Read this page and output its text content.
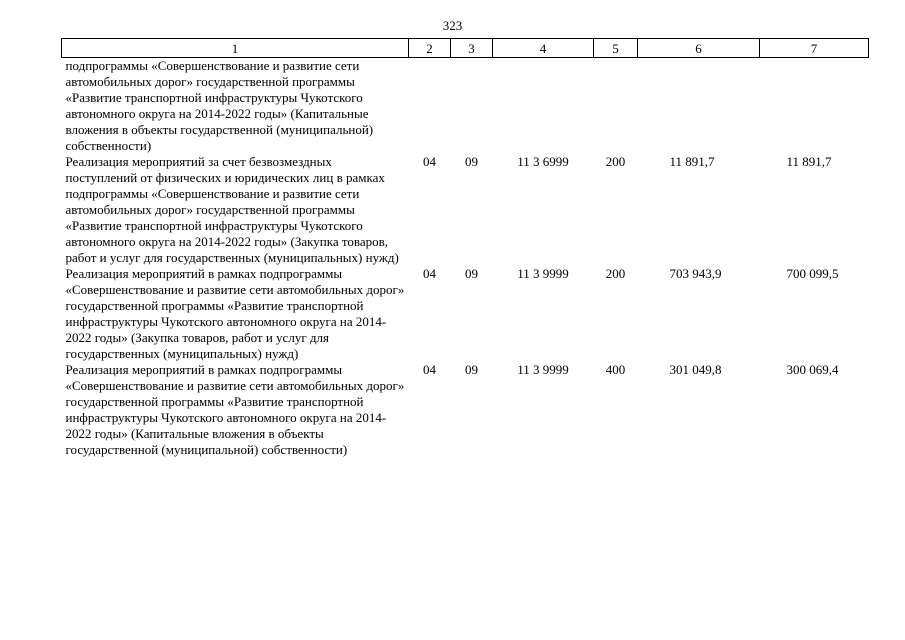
323
1	2	3	4	5	6	7
подпрограммы «Совершенствование и развитие сети автомобильных дорог» государственной программы «Развитие транспортной инфраструктуры Чукотского автономного округа на 2014-2022 годы» (Капитальные вложения в объекты государственной (муниципальной) собственности)						
Реализация мероприятий за счет безвозмездных поступлений от физических и юридических лиц в рамках подпрограммы «Совершенствование и развитие сети автомобильных дорог» государственной программы «Развитие транспортной инфраструктуры Чукотского автономного округа на 2014-2022 годы» (Закупка товаров, работ и услуг для государственных (муниципальных) нужд)	04	09	11 3 6999	200	11 891,7	11 891,7
Реализация мероприятий в рамках подпрограммы «Совершенствование и развитие сети автомобильных дорог» государственной программы «Развитие транспортной инфраструктуры Чукотского автономного округа на 2014-2022 годы» (Закупка товаров, работ и услуг для государственных (муниципальных) нужд)	04	09	11 3 9999	200	703 943,9	700 099,5
Реализация мероприятий в рамках подпрограммы «Совершенствование и развитие сети автомобильных дорог» государственной программы «Развитие транспортной инфраструктуры Чукотского автономного округа на 2014-2022 годы» (Капитальные вложения в объекты государственной (муниципальной) собственности)	04	09	11 3 9999	400	301 049,8	300 069,4
